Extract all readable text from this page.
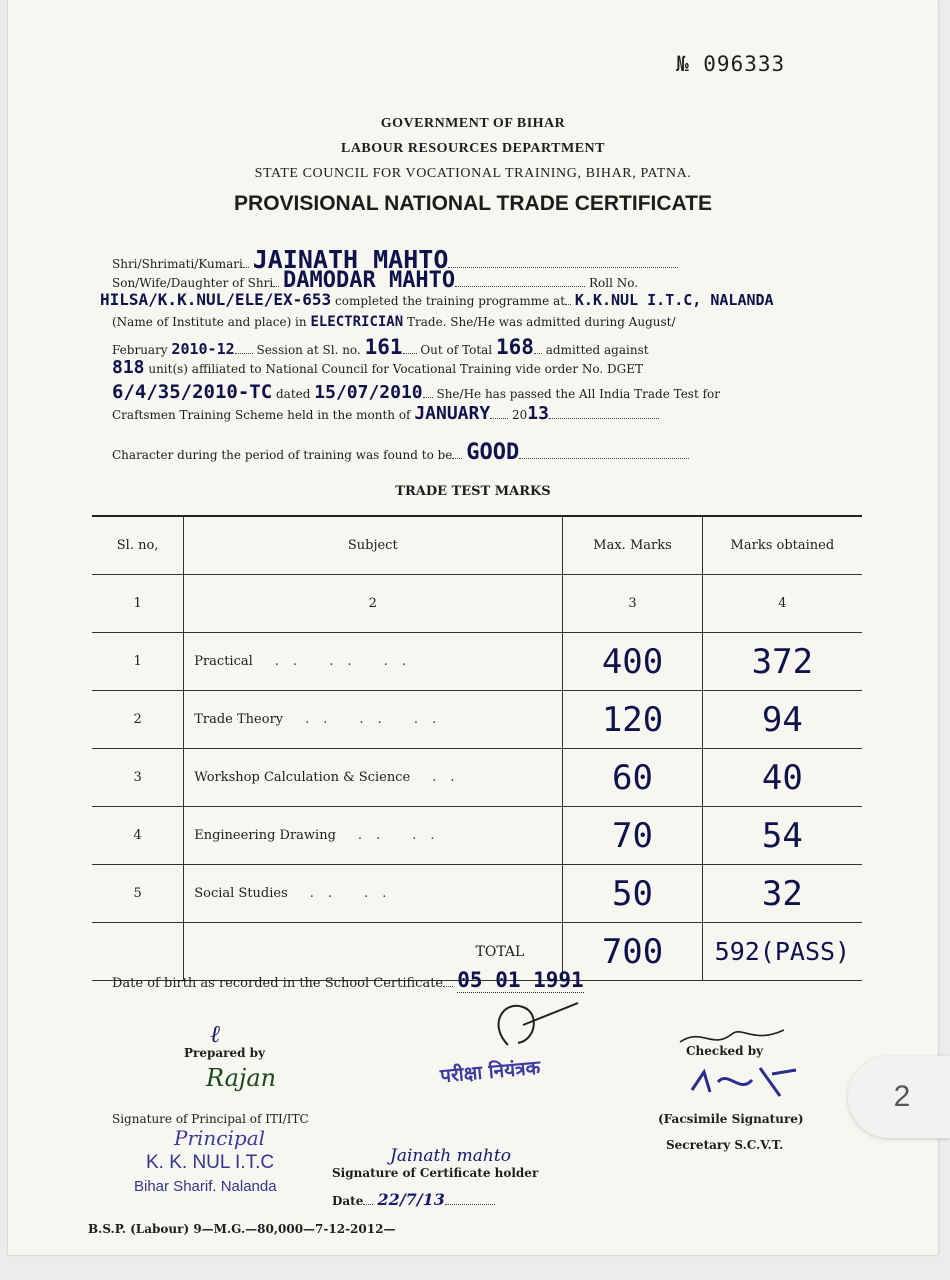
№ 096333
GOVERNMENT OF BIHAR
LABOUR RESOURCES DEPARTMENT
STATE COUNCIL FOR VOCATIONAL TRAINING, BIHAR, PATNA.
PROVISIONAL NATIONAL TRADE CERTIFICATE
Shri/Shrimati/Kumari JAINATH MAHTO
Son/Wife/Daughter of Shri DAMODAR MAHTO	Roll No.
HILSA/K.K.NUL/ELE/EX-653 completed the training programme at K.K.NUL I.T.C, NALANDA
(Name of Institute and place) in ELECTRICIAN Trade. She/He was admitted during August/
February 2010-12 Session at Sl. no. 161 Out of Total 168 admitted against
818 unit(s) affiliated to National Council for Vocational Training vide order No. DGET
6/4/35/2010-TC dated 15/07/2010 She/He has passed the All India Trade Test for
Craftsmen Training Scheme held in the month of JANUARY 2013
Character during the period of training was found to be GOOD
TRADE TEST MARKS
Sl. no,	Subject	Max. Marks	Marks obtained
1	2	3	4
1	Practical .. .. ..	400	372
2	Trade Theory .. .. ..	120	94
3	Workshop Calculation & Science ..	60	40
4	Engineering Drawing .. ..	70	54
5	Social Studies .. ..	50	32
	TOTAL	700	592(PASS)
Date of birth as recorded in the School Certificate 05 01 1991
ℓ
Prepared by
Rajan
Signature of Principal of ITI/ITC
Principal
K. K. NUL I.T.C
Bihar Sharif. Nalanda
परीक्षा नियंत्रक
Jainath mahto
Signature of Certificate holder
Date 22/7/13
Checked by
(Facsimile Signature)
Secretary S.C.V.T.
B.S.P. (Labour) 9—M.G.—80,000—7-12-2012—
2
